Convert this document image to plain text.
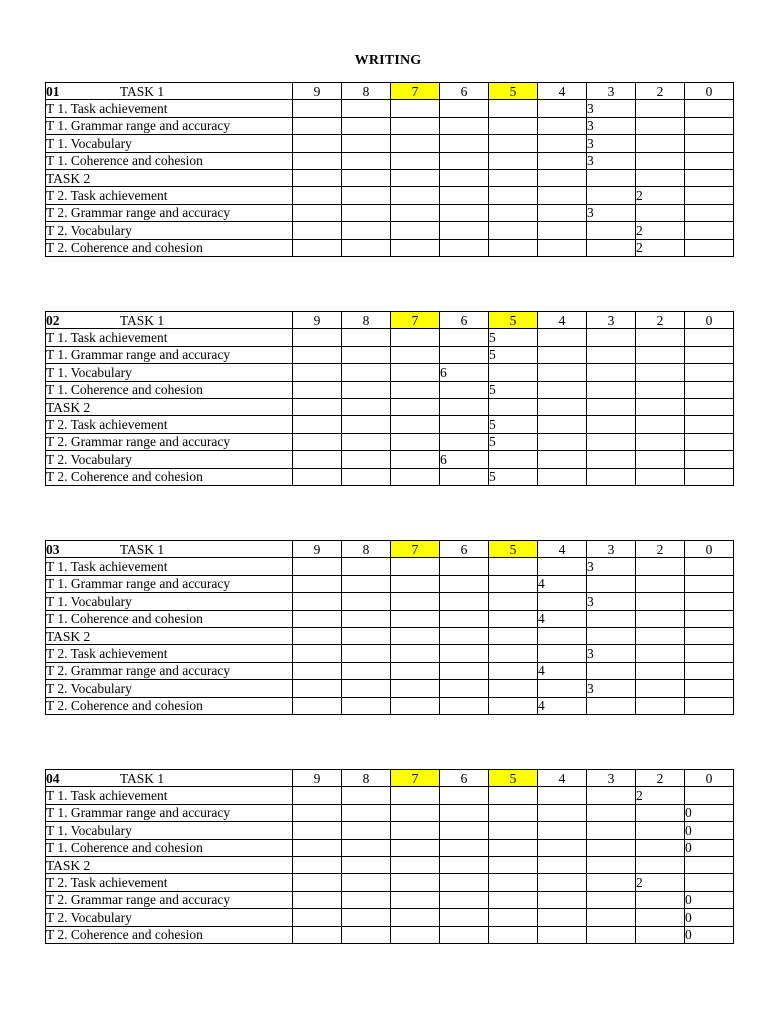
WRITING
01 TASK 1	9	8	7	6	5	4	3	2	0
T 1. Task achievement							3		
T 1. Grammar range and accuracy							3		
T 1. Vocabulary							3		
T 1. Coherence and cohesion							3		
TASK 2									
T 2. Task achievement								2	
T 2. Grammar range and accuracy							3		
T 2. Vocabulary								2	
T 2. Coherence and cohesion								2	
02 TASK 1	9	8	7	6	5	4	3	2	0
T 1. Task achievement					5				
T 1. Grammar range and accuracy					5				
T 1. Vocabulary				6					
T 1. Coherence and cohesion					5				
TASK 2									
T 2. Task achievement					5				
T 2. Grammar range and accuracy					5				
T 2. Vocabulary				6					
T 2. Coherence and cohesion					5				
03 TASK 1	9	8	7	6	5	4	3	2	0
T 1. Task achievement							3		
T 1. Grammar range and accuracy						4			
T 1. Vocabulary							3		
T 1. Coherence and cohesion						4			
TASK 2									
T 2. Task achievement							3		
T 2. Grammar range and accuracy						4			
T 2. Vocabulary							3		
T 2. Coherence and cohesion						4			
04 TASK 1	9	8	7	6	5	4	3	2	0
T 1. Task achievement								2	
T 1. Grammar range and accuracy									0
T 1. Vocabulary									0
T 1. Coherence and cohesion									0
TASK 2									
T 2. Task achievement								2	
T 2. Grammar range and accuracy									0
T 2. Vocabulary									0
T 2. Coherence and cohesion									0
